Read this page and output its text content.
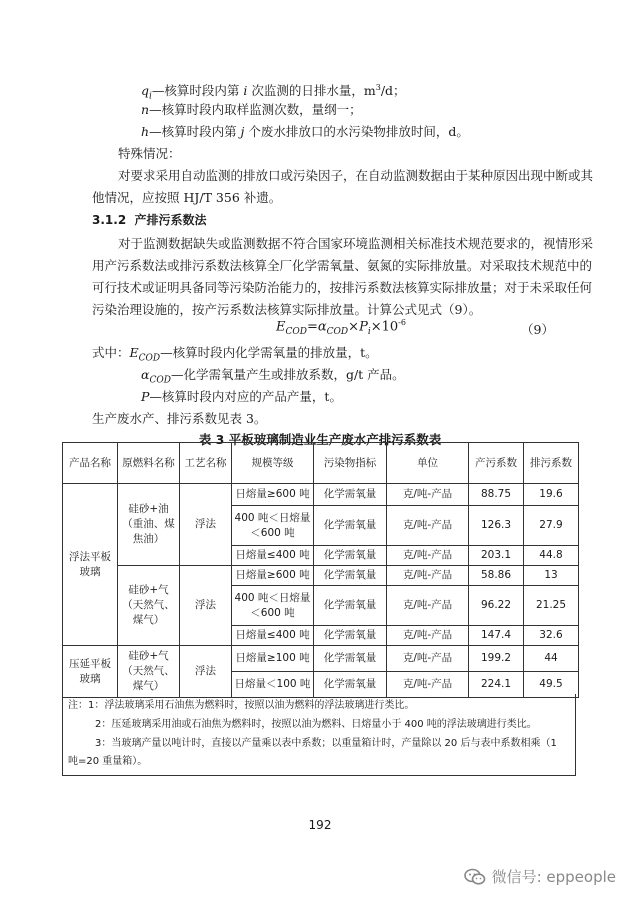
$q_i—$核算时段内第 i 次监测的日排水量，$m^3/d$；
n—核算时段内取样监测次数，量纲一；
h—核算时段内第 j 个废水排放口的水污染物排放时间，d。
特殊情况：
对要求采用自动监测的排放口或污染因子，在自动监测数据由于某种原因出现中断或其
他情况，应按照 HJ/T 356 补遗。
3.1.2 产排污系数法
对于监测数据缺失或监测数据不符合国家环境监测相关标准技术规范要求的，视情形采
用产污系数法或排污系数法核算全厂化学需氧量、氨氮的实际排放量。对采取技术规范中的
可行技术或证明具备同等污染防治能力的，按排污系数法核算实际排放量；对于未采取任何
污染治理设施的，按产污系数法核算实际排放量。计算公式见式（9）。
$E_{COD}=\alpha_{COD}\times P_i\times 10^{-6}$	（9）
式中：$E_{COD}—$核算时段内化学需氧量的排放量，t。
$\alpha_{COD}—$化学需氧量产生或排放系数，g/t 产品。
P—核算时段内对应的产品产量，t。
生产废水产、排污系数见表 3。
表 3 平板玻璃制造业生产废水产排污系数表
产品名称	原燃料名称	工艺名称	规模等级	污染物指标	单位	产污系数	排污系数
浮法平板玻璃	硅砂+油（重油、煤焦油）	浮法	日熔量≥600 吨	化学需氧量	克/吨-产品	88.75	19.6
			400 吨＜日熔量＜600 吨	化学需氧量	克/吨-产品	126.3	27.9
			日熔量≤400 吨	化学需氧量	克/吨-产品	203.1	44.8
	硅砂+气（天然气、煤气）	浮法	日熔量≥600 吨	化学需氧量	克/吨-产品	58.86	13
			400 吨＜日熔量＜600 吨	化学需氧量	克/吨-产品	96.22	21.25
			日熔量≤400 吨	化学需氧量	克/吨-产品	147.4	32.6
压延平板玻璃	硅砂+气（天然气、煤气）	浮法	日熔量≥100 吨	化学需氧量	克/吨-产品	199.2	44
			日熔量＜100 吨	化学需氧量	克/吨-产品	224.1	49.5
注：1：浮法玻璃采用石油焦为燃料时，按照以油为燃料的浮法玻璃进行类比。
2：压延玻璃采用油或石油焦为燃料时，按照以油为燃料、日熔量小于 400 吨的浮法玻璃进行类比。
3：当玻璃产量以吨计时，直接以产量乘以表中系数；以重量箱计时，产量除以 20 后与表中系数相乘（1
吨=20 重量箱）。
192
微信号: eppeople
